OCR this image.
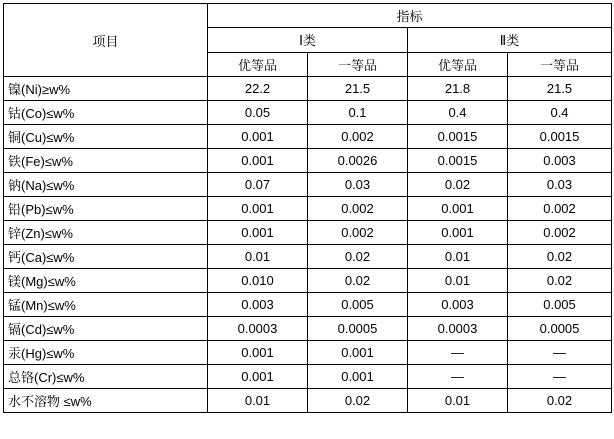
项目	指标			
	Ⅰ类		Ⅱ类	
	优等品	一等品	优等品	一等品
镍(Ni)≥w%	22.2	21.5	21.8	21.5
钴(Co)≤w%	0.05	0.1	0.4	0.4
铜(Cu)≤w%	0.001	0.002	0.0015	0.0015
铁(Fe)≤w%	0.001	0.0026	0.0015	0.003
钠(Na)≤w%	0.07	0.03	0.02	0.03
铅(Pb)≤w%	0.001	0.002	0.001	0.002
锌(Zn)≤w%	0.001	0.002	0.001	0.002
钙(Ca)≤w%	0.01	0.02	0.01	0.02
镁(Mg)≤w%	0.010	0.02	0.01	0.02
锰(Mn)≤w%	0.003	0.005	0.003	0.005
镉(Cd)≤w%	0.0003	0.0005	0.0003	0.0005
汞(Hg)≤w%	0.001	0.001	—	—
总铬(Cr)≤w%	0.001	0.001	—	—
水不溶物 ≤w%	0.01	0.02	0.01	0.02
